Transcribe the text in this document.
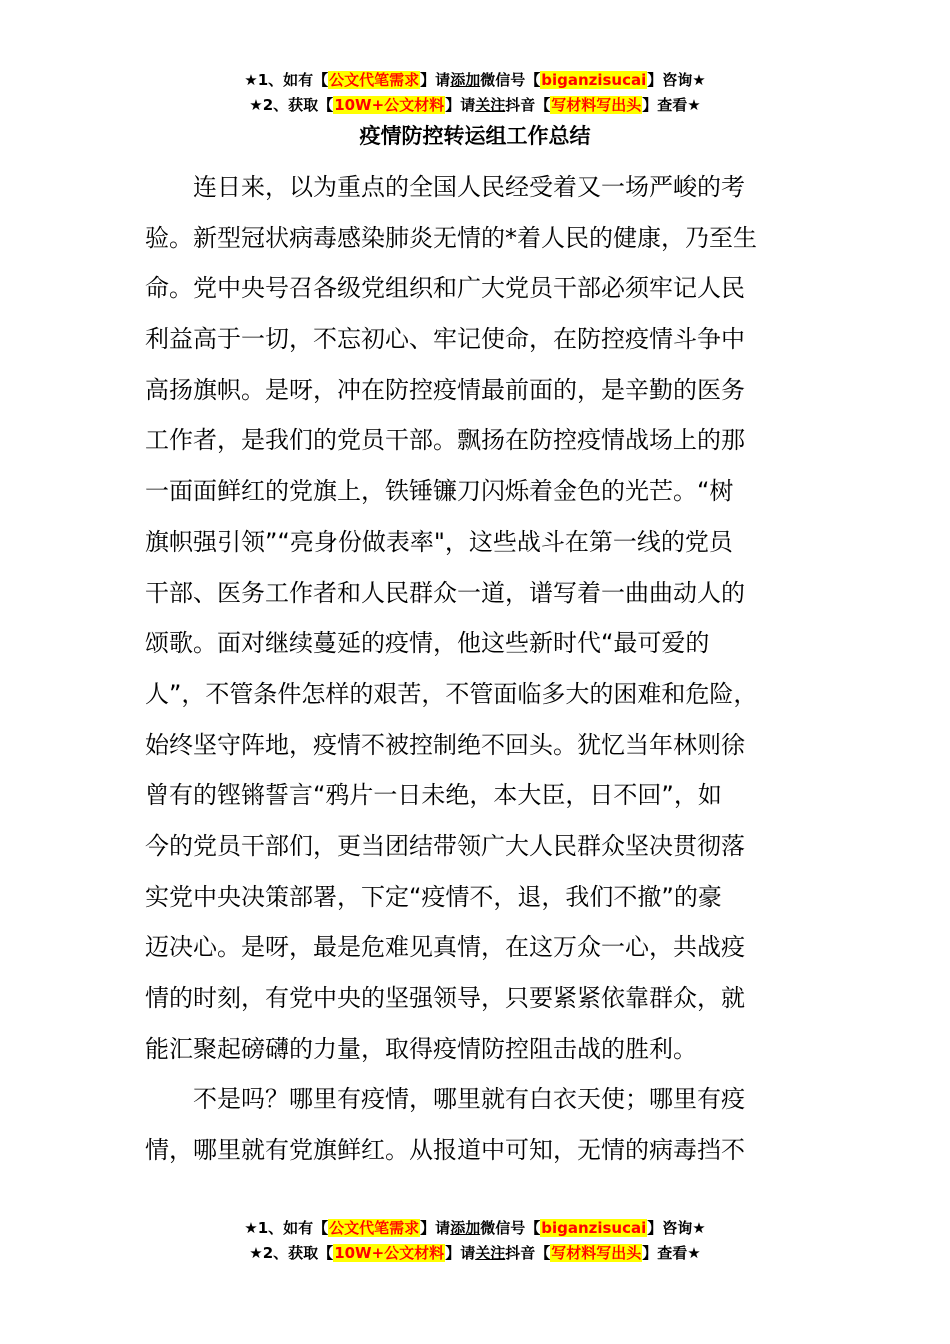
★1、如有【公文代笔需求】请添加微信号【biganzisucai】咨询★
★2、获取【10W+公文材料】请关注抖音【写材料写出头】查看★
疫情防控转运组工作总结
连日来，以为重点的全国人民经受着又一场严峻的考
验。新型冠状病毒感染肺炎无情的*着人民的健康，乃至生
命。党中央号召各级党组织和广大党员干部必须牢记人民
利益高于一切，不忘初心、牢记使命，在防控疫情斗争中
高扬旗帜。是呀，冲在防控疫情最前面的，是辛勤的医务
工作者，是我们的党员干部。飘扬在防控疫情战场上的那
一面面鲜红的党旗上，铁锤镰刀闪烁着金色的光芒。“树
旗帜强引领”“亮身份做表率"，这些战斗在第一线的党员
干部、医务工作者和人民群众一道，谱写着一曲曲动人的
颂歌。面对继续蔓延的疫情，他这些新时代“最可爱的
人”，不管条件怎样的艰苦，不管面临多大的困难和危险，
始终坚守阵地，疫情不被控制绝不回头。犹忆当年林则徐
曾有的铿锵誓言“鸦片一日未绝，本大臣，日不回”，如
今的党员干部们，更当团结带领广大人民群众坚决贯彻落
实党中央决策部署，下定“疫情不，退，我们不撤”的豪
迈决心。是呀，最是危难见真情，在这万众一心，共战疫
情的时刻，有党中央的坚强领导，只要紧紧依靠群众，就
能汇聚起磅礴的力量，取得疫情防控阻击战的胜利。
不是吗？哪里有疫情，哪里就有白衣天使；哪里有疫
情，哪里就有党旗鲜红。从报道中可知，无情的病毒挡不
★1、如有【公文代笔需求】请添加微信号【biganzisucai】咨询★
★2、获取【10W+公文材料】请关注抖音【写材料写出头】查看★
